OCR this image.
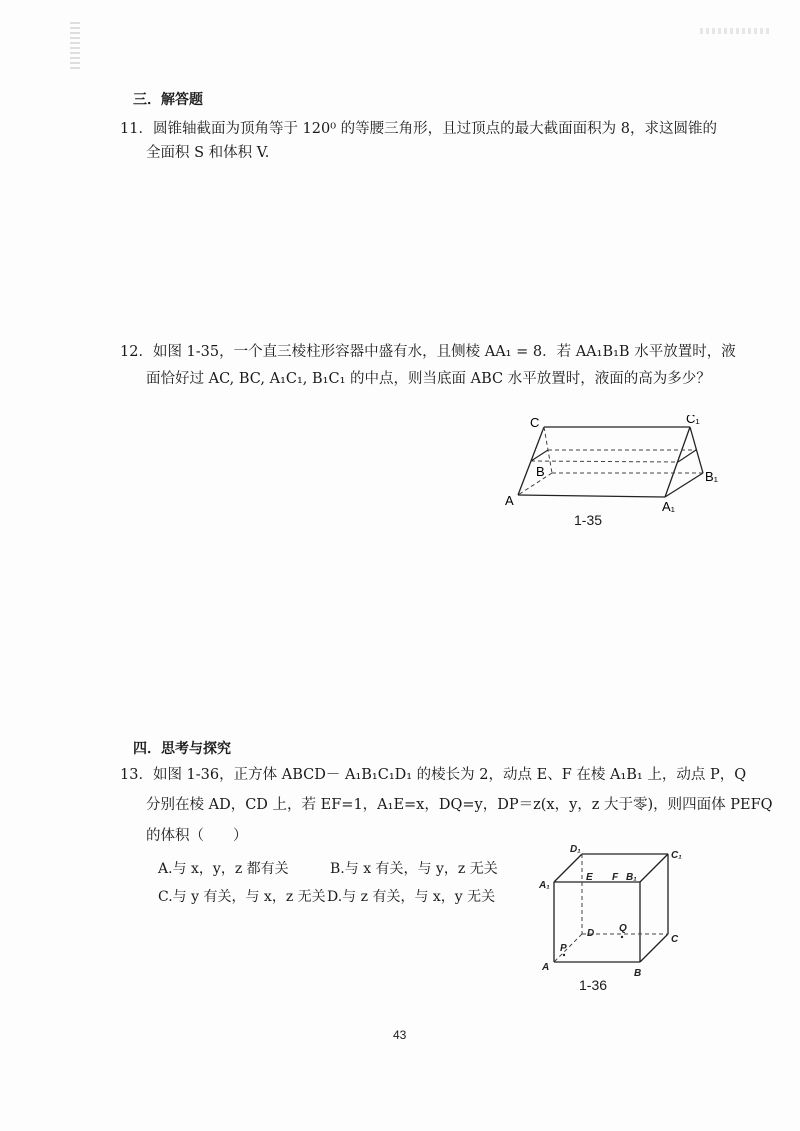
三．解答题
11．圆锥轴截面为顶角等于 120⁰ 的等腰三角形，且过顶点的最大截面面积为 8，求这圆锥的
全面积 S 和体积 V.
12．如图 1-35，一个直三棱柱形容器中盛有水，且侧棱 AA₁ = 8．若 AA₁B₁B 水平放置时，液
面恰好过 AC, BC, A₁C₁, B₁C₁ 的中点，则当底面 ABC 水平放置时，液面的高为多少？
C	C₁
B	B₁
A	A₁
1-35
四．思考与探究
13．如图 1-36，正方体 ABCD－ A₁B₁C₁D₁ 的棱长为 2，动点 E、F 在棱 A₁B₁ 上，动点 P，Q
分别在棱 AD，CD 上，若 EF=1，A₁E=x，DQ=y，DP＝z(x，y，z 大于零)，则四面体 PEFQ
的体积（　　）
A.与 x，y，z 都有关	B.与 x 有关，与 y，z 无关
C.与 y 有关，与 x，z 无关 D.与 z 有关，与 x，y 无关
D₁
C₁
A₁
E F B₁
D Q
P
C
A
B
1-36
43
